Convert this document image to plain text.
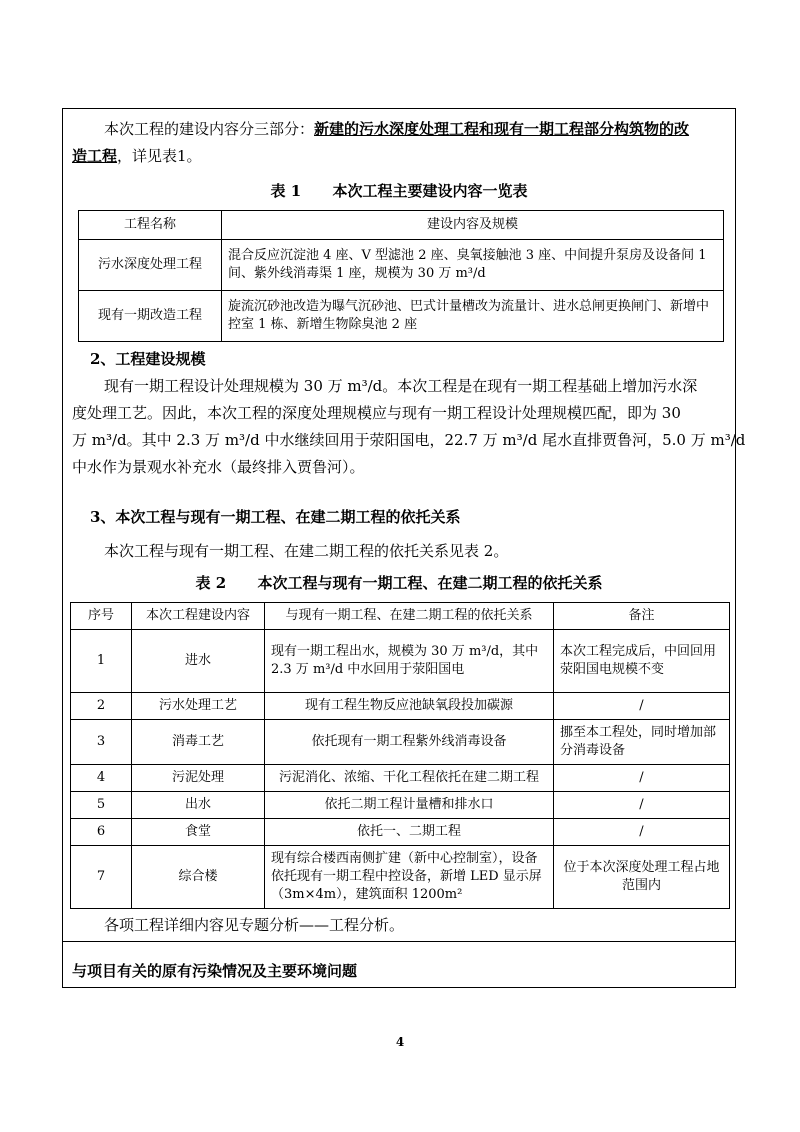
本次工程的建设内容分三部分：新建的污水深度处理工程和现有一期工程部分构筑物的改
造工程，详见表1。
表 1      本次工程主要建设内容一览表
工程名称	建设内容及规模
污水深度处理工程	混合反应沉淀池 4 座、V 型滤池 2 座、臭氧接触池 3 座、中间提升泵房及设备间 1 间、紫外线消毒渠 1 座，规模为 30 万 m³/d
现有一期改造工程	旋流沉砂池改造为曝气沉砂池、巴式计量槽改为流量计、进水总闸更换闸门、新增中控室 1 栋、新增生物除臭池 2 座
2、工程建设规模
现有一期工程设计处理规模为 30 万 m³/d。本次工程是在现有一期工程基础上增加污水深
度处理工艺。因此，本次工程的深度处理规模应与现有一期工程设计处理规模匹配，即为 30
万 m³/d。其中 2.3 万 m³/d 中水继续回用于荥阳国电，22.7 万 m³/d 尾水直排贾鲁河，5.0 万 m³/d
中水作为景观水补充水（最终排入贾鲁河）。
3、本次工程与现有一期工程、在建二期工程的依托关系
本次工程与现有一期工程、在建二期工程的依托关系见表 2。
表 2      本次工程与现有一期工程、在建二期工程的依托关系
序号	本次工程建设内容	与现有一期工程、在建二期工程的依托关系	备注
1	进水	现有一期工程出水，规模为 30 万 m³/d，其中 2.3 万 m³/d 中水回用于荥阳国电	本次工程完成后，中回回用荥阳国电规模不变
2	污水处理工艺	现有工程生物反应池缺氧段投加碳源	/
3	消毒工艺	依托现有一期工程紫外线消毒设备	挪至本工程处，同时增加部分消毒设备
4	污泥处理	污泥消化、浓缩、干化工程依托在建二期工程	/
5	出水	依托二期工程计量槽和排水口	/
6	食堂	依托一、二期工程	/
7	综合楼	现有综合楼西南侧扩建（新中心控制室），设备依托现有一期工程中控设备，新增 LED 显示屏（3m×4m），建筑面积 1200m²	位于本次深度处理工程占地范围内
各项工程详细内容见专题分析——工程分析。
与项目有关的原有污染情况及主要环境问题
4
